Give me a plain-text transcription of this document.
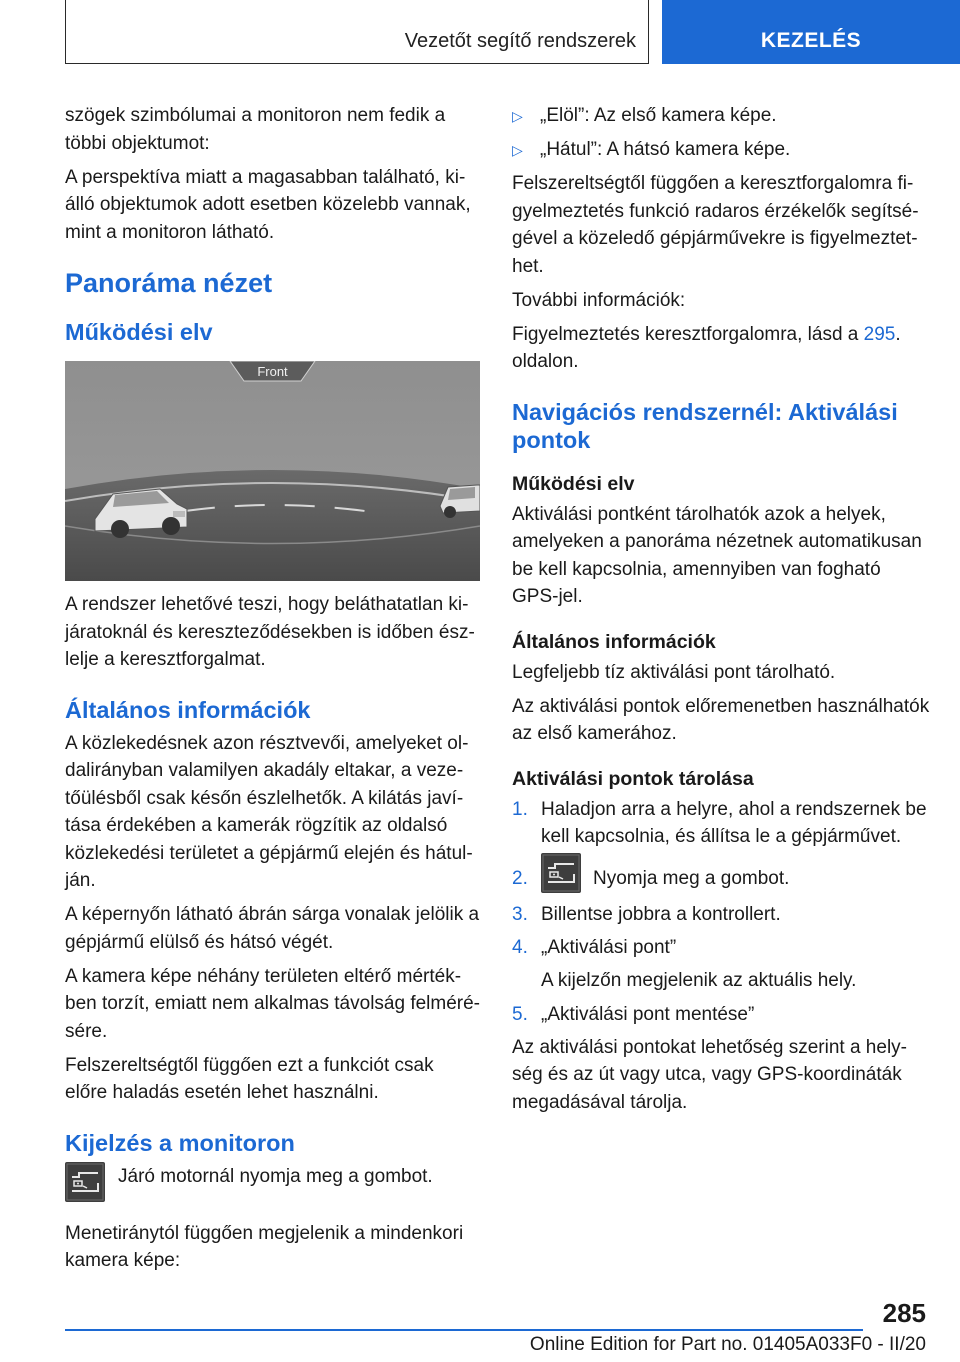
Vezetőt segítő rendszerek	KEZELÉS

szögek szimbólumai a monitoron nem fedik a többi objektumot:

A perspektíva miatt a magasabban található, ki-álló objektumok adott esetben közelebb vannak, mint a monitoron látható.

Panoráma nézet
Működési elv
Front

A rendszer lehetővé teszi, hogy beláthatatlan ki-járatoknál és kereszteződésekben is időben ész-lelje a keresztforgalmat.

Általános információk

A közlekedésnek azon résztvevői, amelyeket ol-dalirányban valamilyen akadály eltakar, a veze-tőülésből csak későn észlelhetők. A kilátás javí-tása érdekében a kamerák rögzítik az oldalsó közlekedési területet a gépjármű elején és hátul-ján.

A képernyőn látható ábrán sárga vonalak jelölik a gépjármű elülső és hátsó végét.

A kamera képe néhány területen eltérő mérték-ben torzít, emiatt nem alkalmas távolság felméré-sére.

Felszereltségtől függően ezt a funkciót csak előre haladás esetén lehet használni.

Kijelzés a monitoron

Járó motornál nyomja meg a gombot.

Menetiránytól függően megjelenik a mindenkori kamera képe:

▷ „Elöl”: Az első kamera képe.
▷ „Hátul”: A hátsó kamera képe.

Felszereltségtől függően a keresztforgalomra fi-gyelmeztetés funkció radaros érzékelők segítsé-gével a közeledő gépjárművekre is figyelmeztet-het.

További információk:

Figyelmeztetés keresztforgalomra, lásd a 295. oldalon.

Navigációs rendszernél: Aktiválási pontok
Működési elv

Aktiválási pontként tárolhatók azok a helyek, amelyeken a panoráma nézetnek automatikusan be kell kapcsolnia, amennyiben van fogható GPS-jel.

Általános információk

Legfeljebb tíz aktiválási pont tárolható.

Az aktiválási pontok előremenetben használhatók az első kamerához.

Aktiválási pontok tárolása
1. Haladjon arra a helyre, ahol a rendszernek be kell kapcsolnia, és állítsa le a gépjárművet.
2.	Nyomja meg a gombot.
3. Billentse jobbra a kontrollert.
4. „Aktiválási pont”

A kijelzőn megjelenik az aktuális hely.

5. „Aktiválási pont mentése”

Az aktiválási pontokat lehetőség szerint a hely-ség és az út vagy utca, vagy GPS-koordináták megadásával tárolja.

285
Online Edition for Part no. 01405A033F0 - II/20
